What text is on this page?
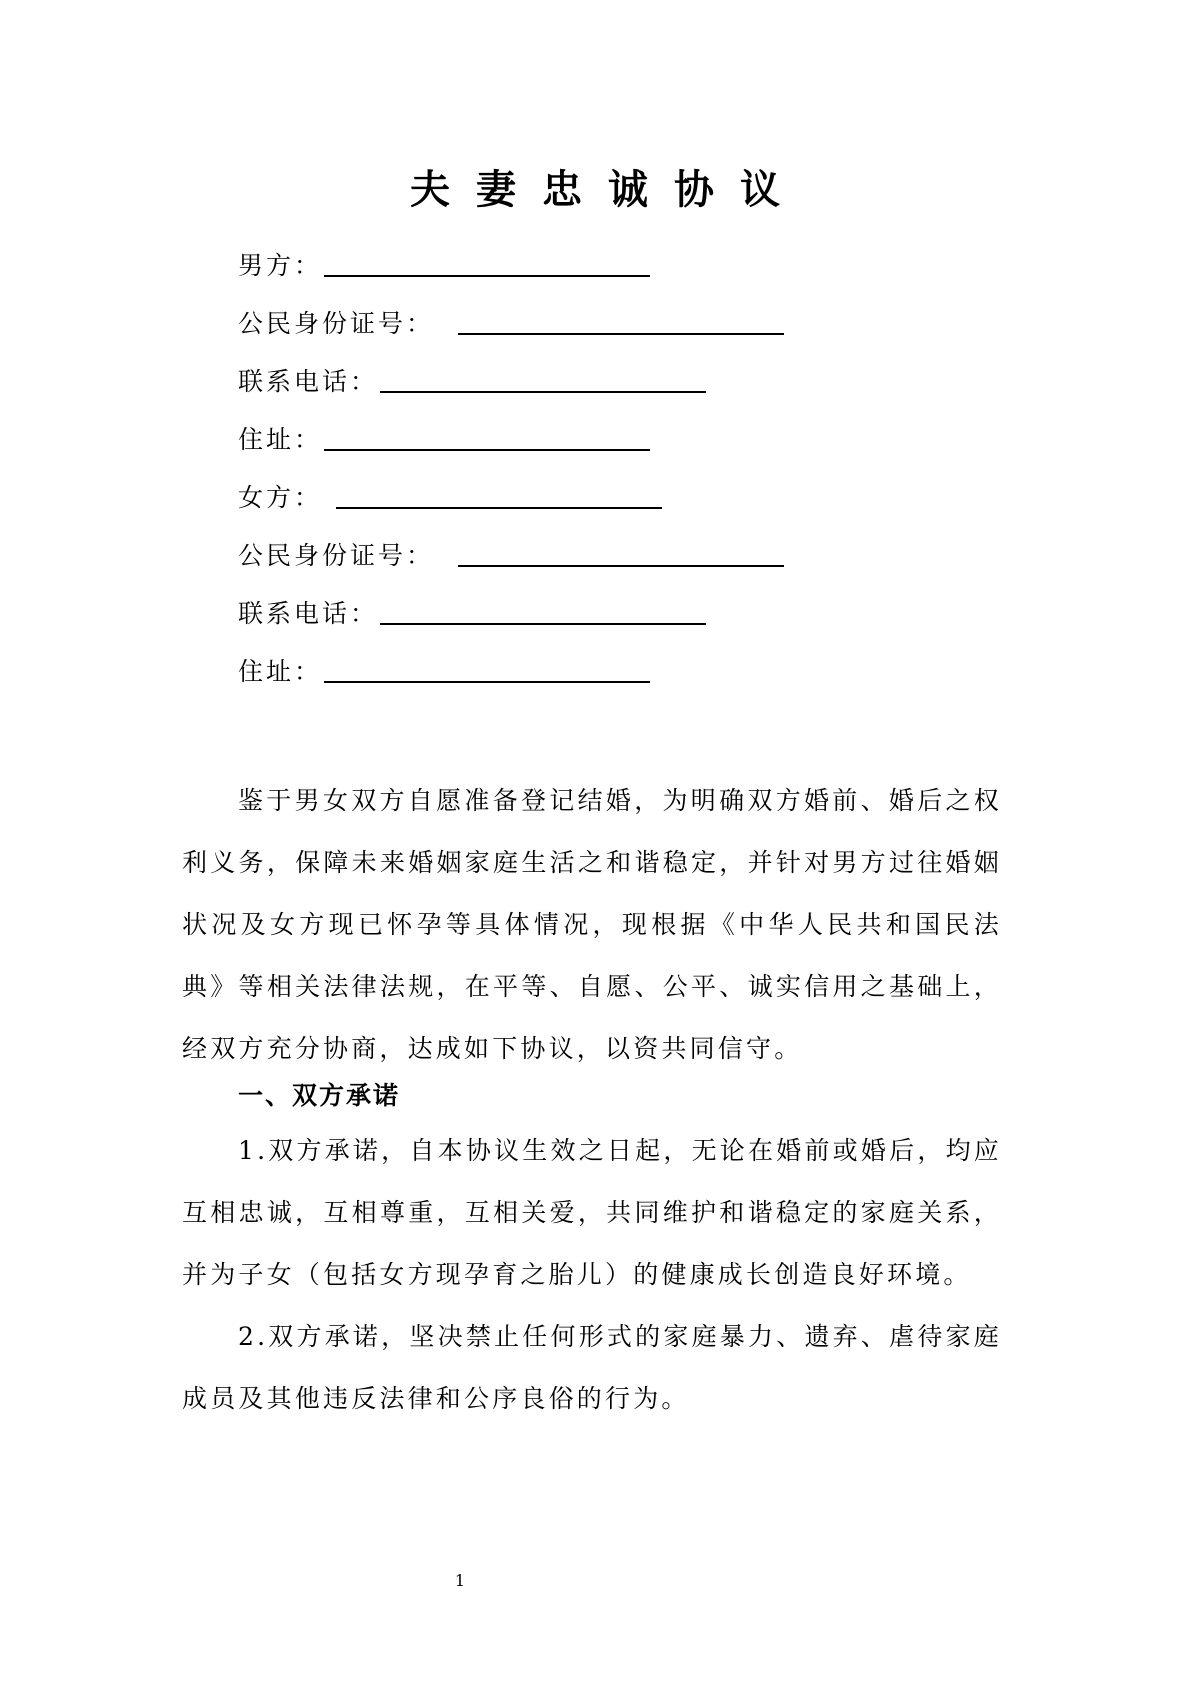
夫妻忠诚协议
男方：
公民身份证号：
联系电话：
住址：
女方：
公民身份证号：
联系电话：
住址：

鉴于男女双方自愿准备登记结婚，为明确双方婚前、婚后之权利义务，保障未来婚姻家庭生活之和谐稳定，并针对男方过往婚姻状况及女方现已怀孕等具体情况，现根据《中华人民共和国民法典》等相关法律法规，在平等、自愿、公平、诚实信用之基础上，经双方充分协商，达成如下协议，以资共同信守。

一、双方承诺

1.双方承诺，自本协议生效之日起，无论在婚前或婚后，均应互相忠诚，互相尊重，互相关爱，共同维护和谐稳定的家庭关系，并为子女（包括女方现孕育之胎儿）的健康成长创造良好环境。

2.双方承诺，坚决禁止任何形式的家庭暴力、遗弃、虐待家庭成员及其他违反法律和公序良俗的行为。

1
